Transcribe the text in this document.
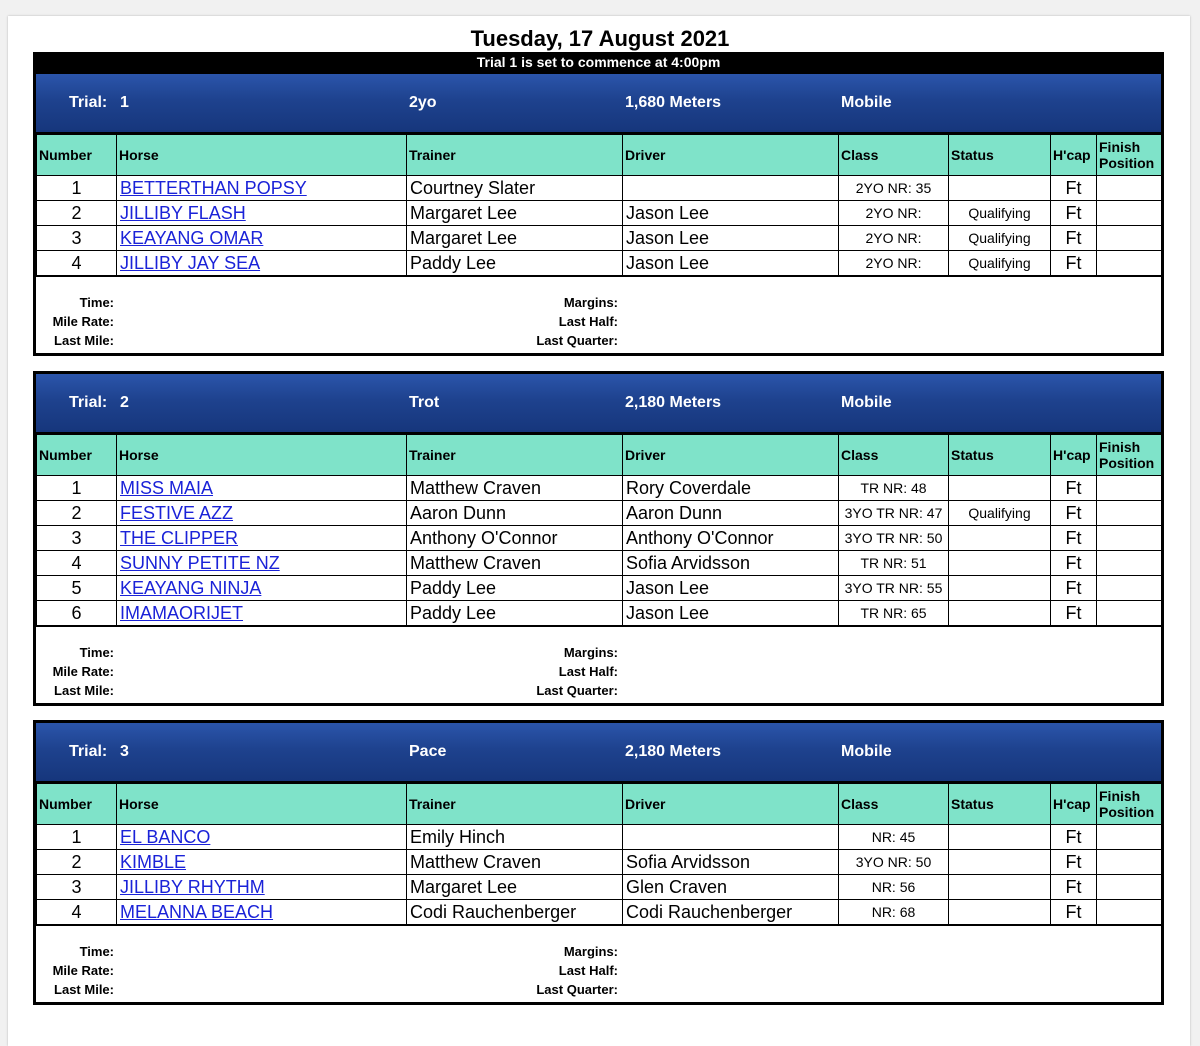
Tuesday, 17 August 2021
Trial 1 is set to commence at 4:00pm
Trial: 1	2yo	1,680 Meters	Mobile
Number	Horse	Trainer	Driver	Class	Status	H'cap	Finish
Position

1	BETTERTHAN POPSY	Courtney Slater		2YO NR: 35		Ft	
2	JILLIBY FLASH	Margaret Lee	Jason Lee	2YO NR:	Qualifying	Ft	
3	KEAYANG OMAR	Margaret Lee	Jason Lee	2YO NR:	Qualifying	Ft	
4	JILLIBY JAY SEA	Paddy Lee	Jason Lee	2YO NR:	Qualifying	Ft	
Time:
Mile Rate:
Last Mile:
Margins:
Last Half:
Last Quarter:
Trial: 2	Trot	2,180 Meters	Mobile
Number	Horse	Trainer	Driver	Class	Status	H'cap	Finish
Position

1	MISS MAIA	Matthew Craven	Rory Coverdale	TR NR: 48		Ft	
2	FESTIVE AZZ	Aaron Dunn	Aaron Dunn	3YO TR NR: 47	Qualifying	Ft	
3	THE CLIPPER	Anthony O'Connor	Anthony O'Connor	3YO TR NR: 50		Ft	
4	SUNNY PETITE NZ	Matthew Craven	Sofia Arvidsson	TR NR: 51		Ft	
5	KEAYANG NINJA	Paddy Lee	Jason Lee	3YO TR NR: 55		Ft	
6	IMAMAORIJET	Paddy Lee	Jason Lee	TR NR: 65		Ft	
Time:
Mile Rate:
Last Mile:
Margins:
Last Half:
Last Quarter:
Trial: 3	Pace	2,180 Meters	Mobile
Number	Horse	Trainer	Driver	Class	Status	H'cap	Finish
Position

1	EL BANCO	Emily Hinch		NR: 45		Ft	
2	KIMBLE	Matthew Craven	Sofia Arvidsson	3YO NR: 50		Ft	
3	JILLIBY RHYTHM	Margaret Lee	Glen Craven	NR: 56		Ft	
4	MELANNA BEACH	Codi Rauchenberger	Codi Rauchenberger	NR: 68		Ft	
Time:
Mile Rate:
Last Mile:
Margins:
Last Half:
Last Quarter:
